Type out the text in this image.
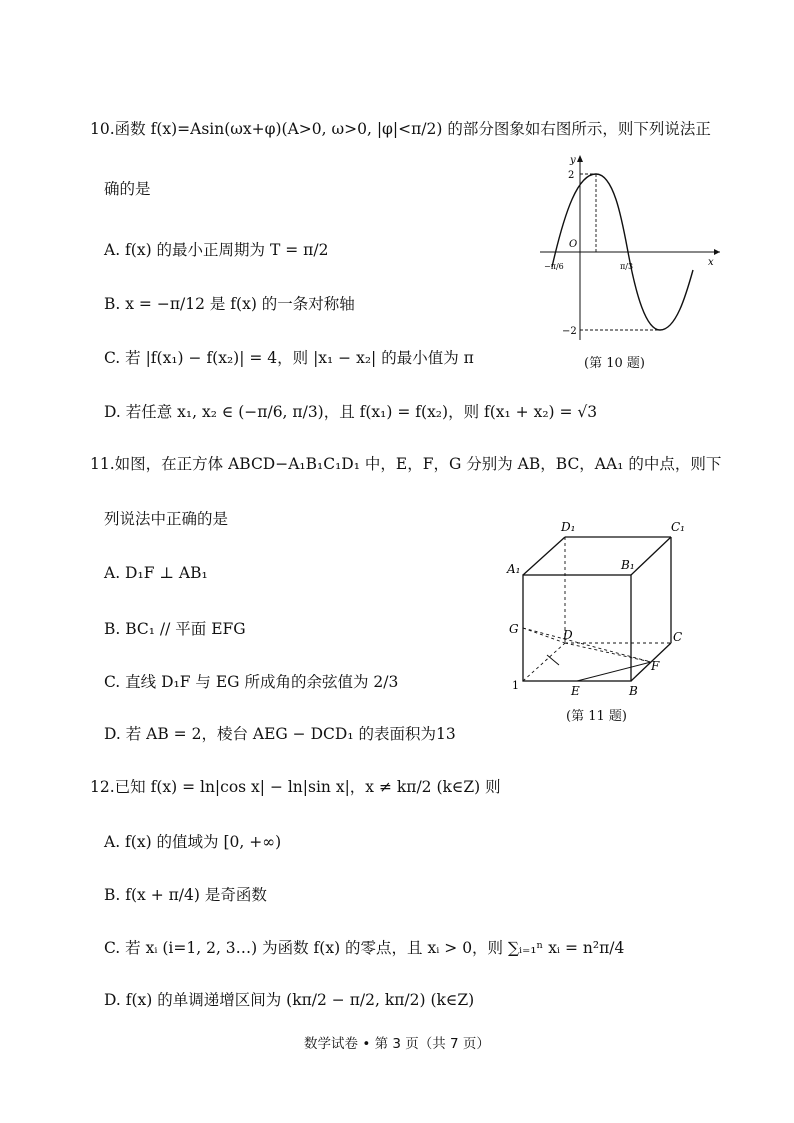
10.函数 f(x)=Asin(ωx+φ)(A>0, ω>0, |φ|<π/2) 的部分图象如右图所示，则下列说法正
确的是
A. f(x) 的最小正周期为 T = π/2
B. x = −π/12 是 f(x) 的一条对称轴
C. 若 |f(x₁) − f(x₂)| = 4，则 |x₁ − x₂| 的最小值为 π
D. 若任意 x₁, x₂ ∈ (−π/6, π/3)，且 f(x₁) = f(x₂)，则 f(x₁ + x₂) = √3
y
x
O
2
−2
−π/6	π/3
(第 10 题)
11.如图，在正方体 ABCD−A₁B₁C₁D₁ 中，E，F，G 分别为 AB，BC，AA₁ 的中点，则下
列说法中正确的是
A. D₁F ⊥ AB₁
B. BC₁ // 平面 EFG
C. 直线 D₁F 与 EG 所成角的余弦值为 2/3
D. 若 AB = 2，棱台 AEG − DCD₁ 的表面积为13
D₁	C₁
A₁	B₁
G	D	C
F
1	E	B
(第 11 题)
12.已知 f(x) = ln|cos x| − ln|sin x|，x ≠ kπ/2 (k∈Z) 则
A. f(x) 的值域为 [0, +∞)
B. f(x + π/4) 是奇函数
C. 若 xᵢ (i=1, 2, 3…) 为函数 f(x) 的零点，且 xᵢ > 0，则 ∑ᵢ₌₁ⁿ xᵢ = n²π/4
D. f(x) 的单调递增区间为 (kπ/2 − π/2, kπ/2) (k∈Z)
数学试卷 • 第 3 页（共 7 页）
